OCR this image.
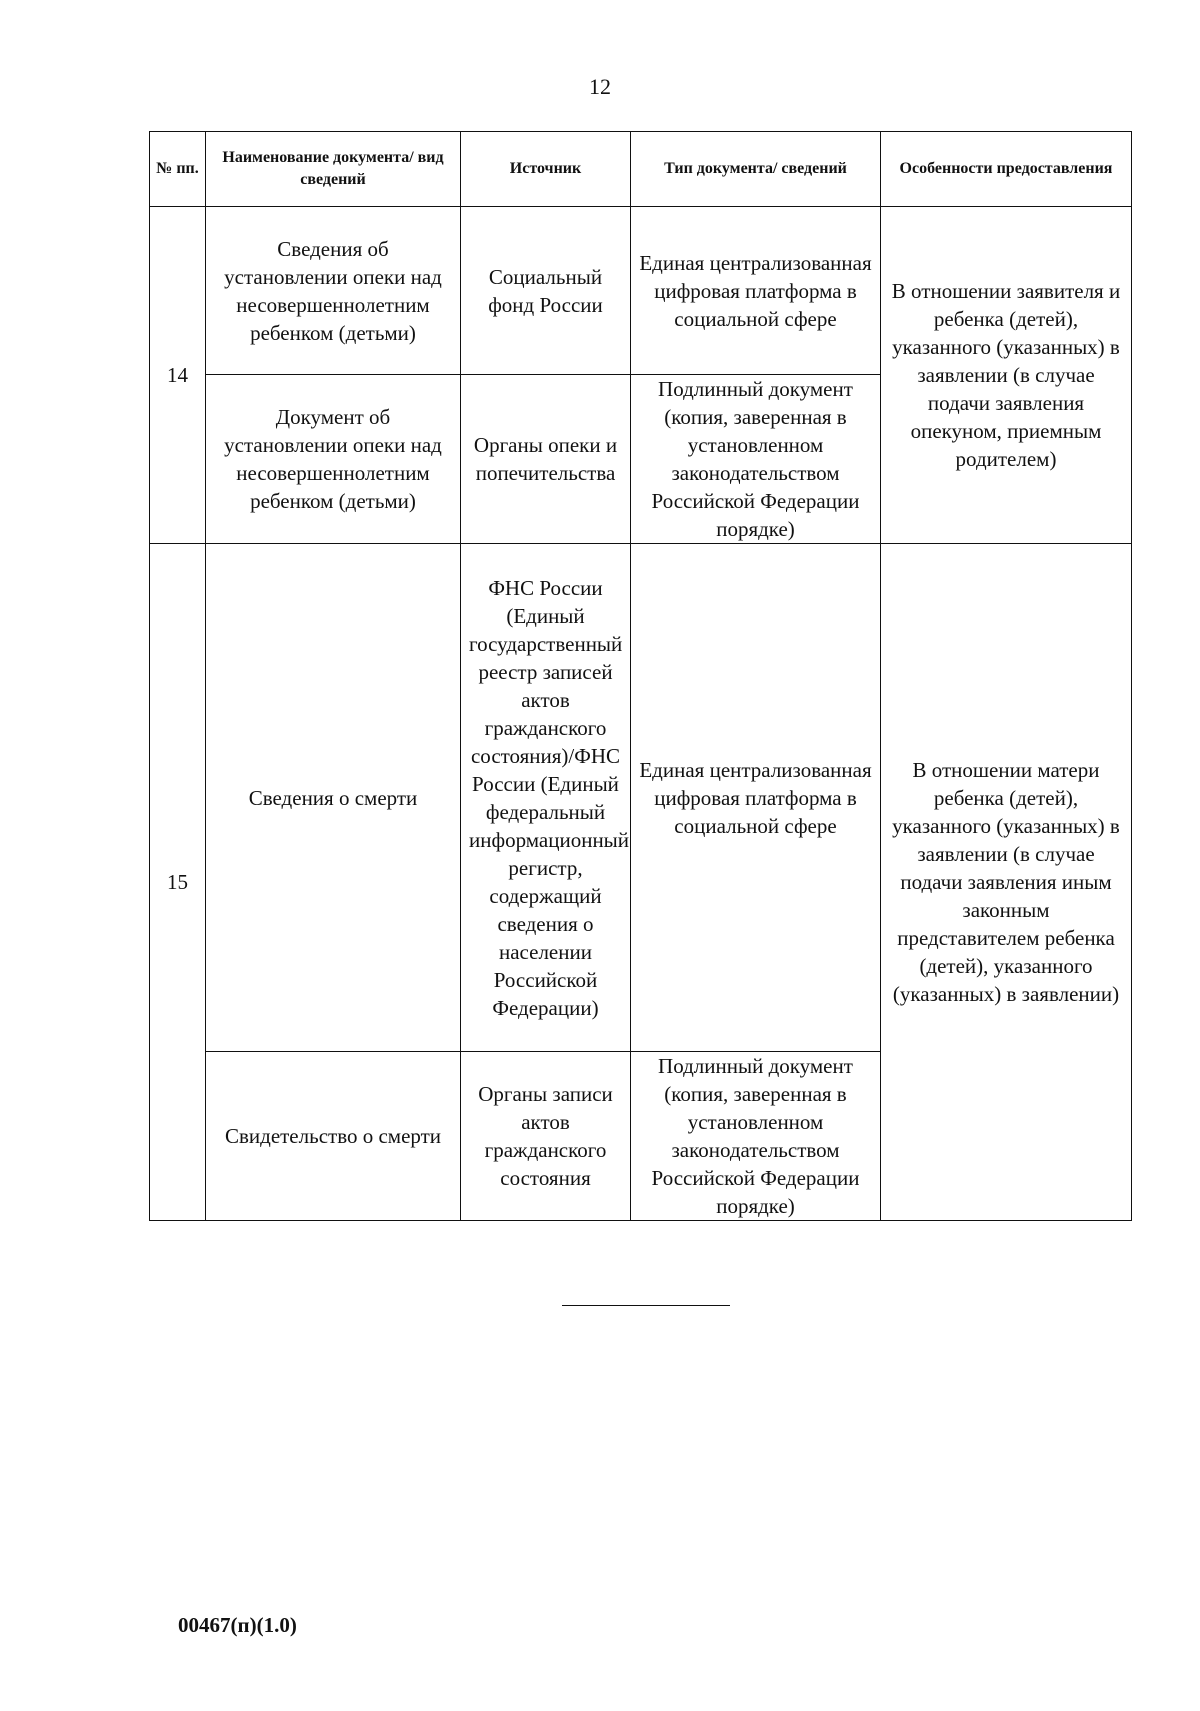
12
№ пп.	Наименование документа/ вид сведений	Источник	Тип документа/ сведений	Особенности предоставления
14	Сведения об установлении опеки над несовершеннолетним ребенком (детьми)	Социальный фонд России	Единая централизованная цифровая платформа в социальной сфере	В отношении заявителя и ребенка (детей), указанного (указанных) в заявлении (в случае подачи заявления опекуном, приемным родителем)
	Документ об установлении опеки над несовершеннолетним ребенком (детьми)	Органы опеки и попечительства	Подлинный документ (копия, заверенная в установленном законодательством Российской Федерации порядке)	
15	Сведения о смерти	ФНС России (Единый государственный реестр записей актов гражданского состояния)/ФНС России (Единый федеральный информационный регистр, содержащий сведения о населении Российской Федерации)	Единая централизованная цифровая платформа в социальной сфере	В отношении матери ребенка (детей), указанного (указанных) в заявлении (в случае подачи заявления иным законным представителем ребенка (детей), указанного (указанных) в заявлении)
	Свидетельство о смерти	Органы записи актов гражданского состояния	Подлинный документ (копия, заверенная в установленном законодательством Российской Федерации порядке)	
00467(п)(1.0)
